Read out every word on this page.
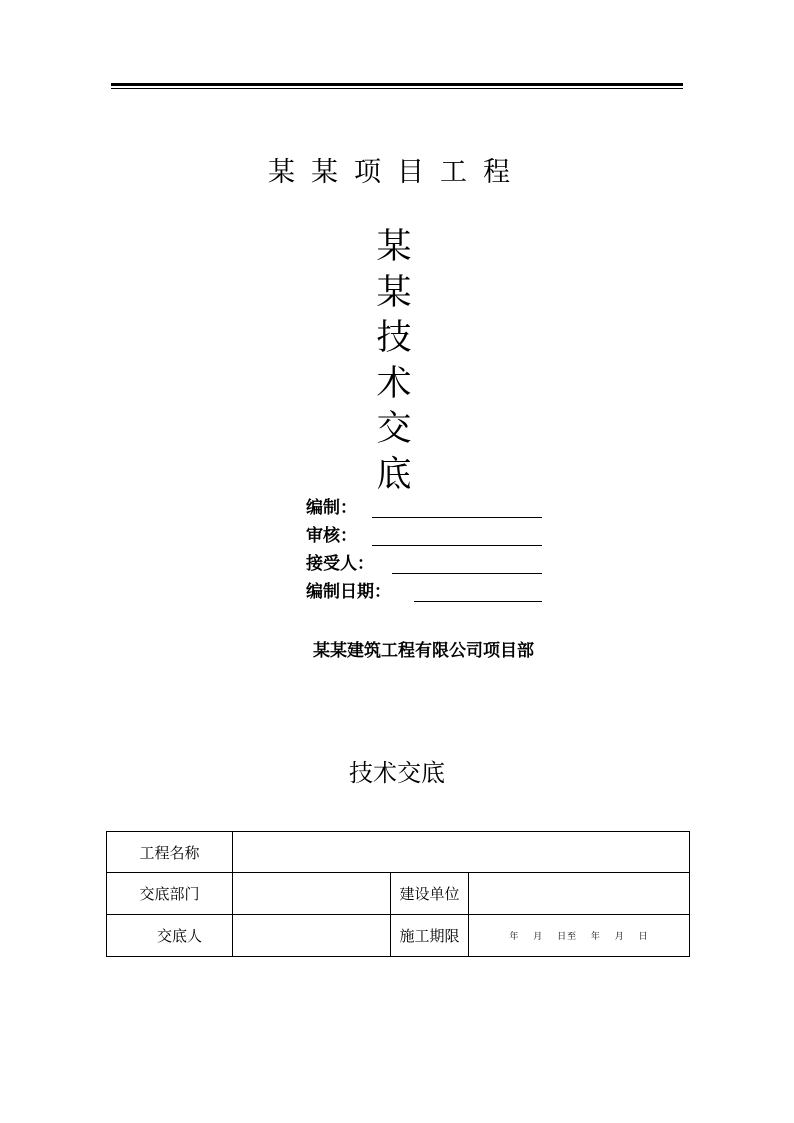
某某项目工程
某
某
技
术
交
底
编制：
审核：
接受人：
编制日期：
某某建筑工程有限公司项目部
技术交底
工程名称			
交底部门		建设单位	
交底人		施工期限	年 月 日至 年 月 日
